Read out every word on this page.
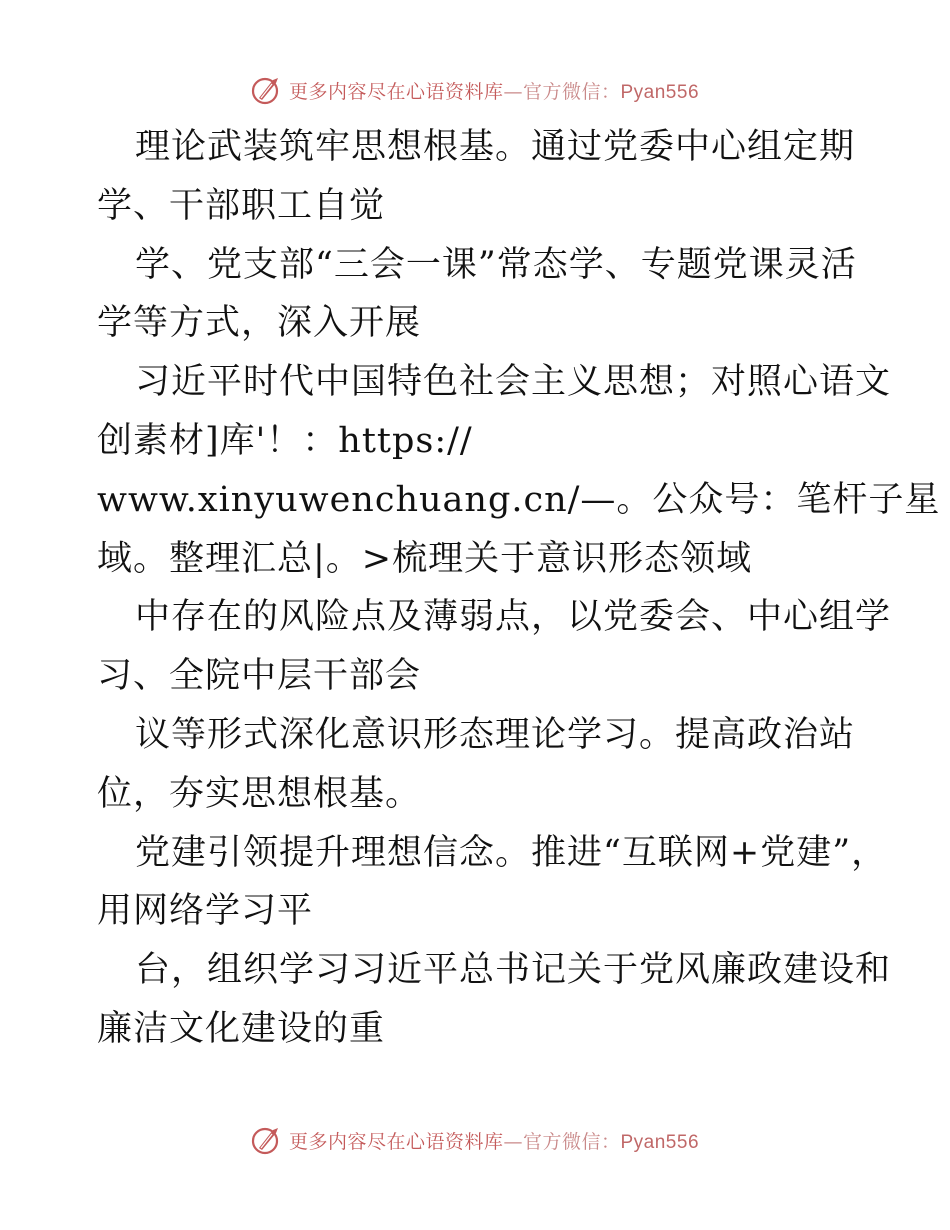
更多内容尽在心语资料库—官方微信：Pyan556
理论武装筑牢思想根基。通过党委中心组定期
学、干部职工自觉
学、党支部“三会一课”常态学、专题党课灵活
学等方式，深入开展
习近平时代中国特色社会主义思想；对照心语文
创素材]库'！：https://
www.xinyuwenchuang.cn/—。公众号：笔杆子星
域。整理汇总|。>梳理关于意识形态领域
中存在的风险点及薄弱点，以党委会、中心组学
习、全院中层干部会
议等形式深化意识形态理论学习。提高政治站
位，夯实思想根基。
党建引领提升理想信念。推进“互联网+党建”，
用网络学习平
台，组织学习习近平总书记关于党风廉政建设和
廉洁文化建设的重
更多内容尽在心语资料库—官方微信：Pyan556
